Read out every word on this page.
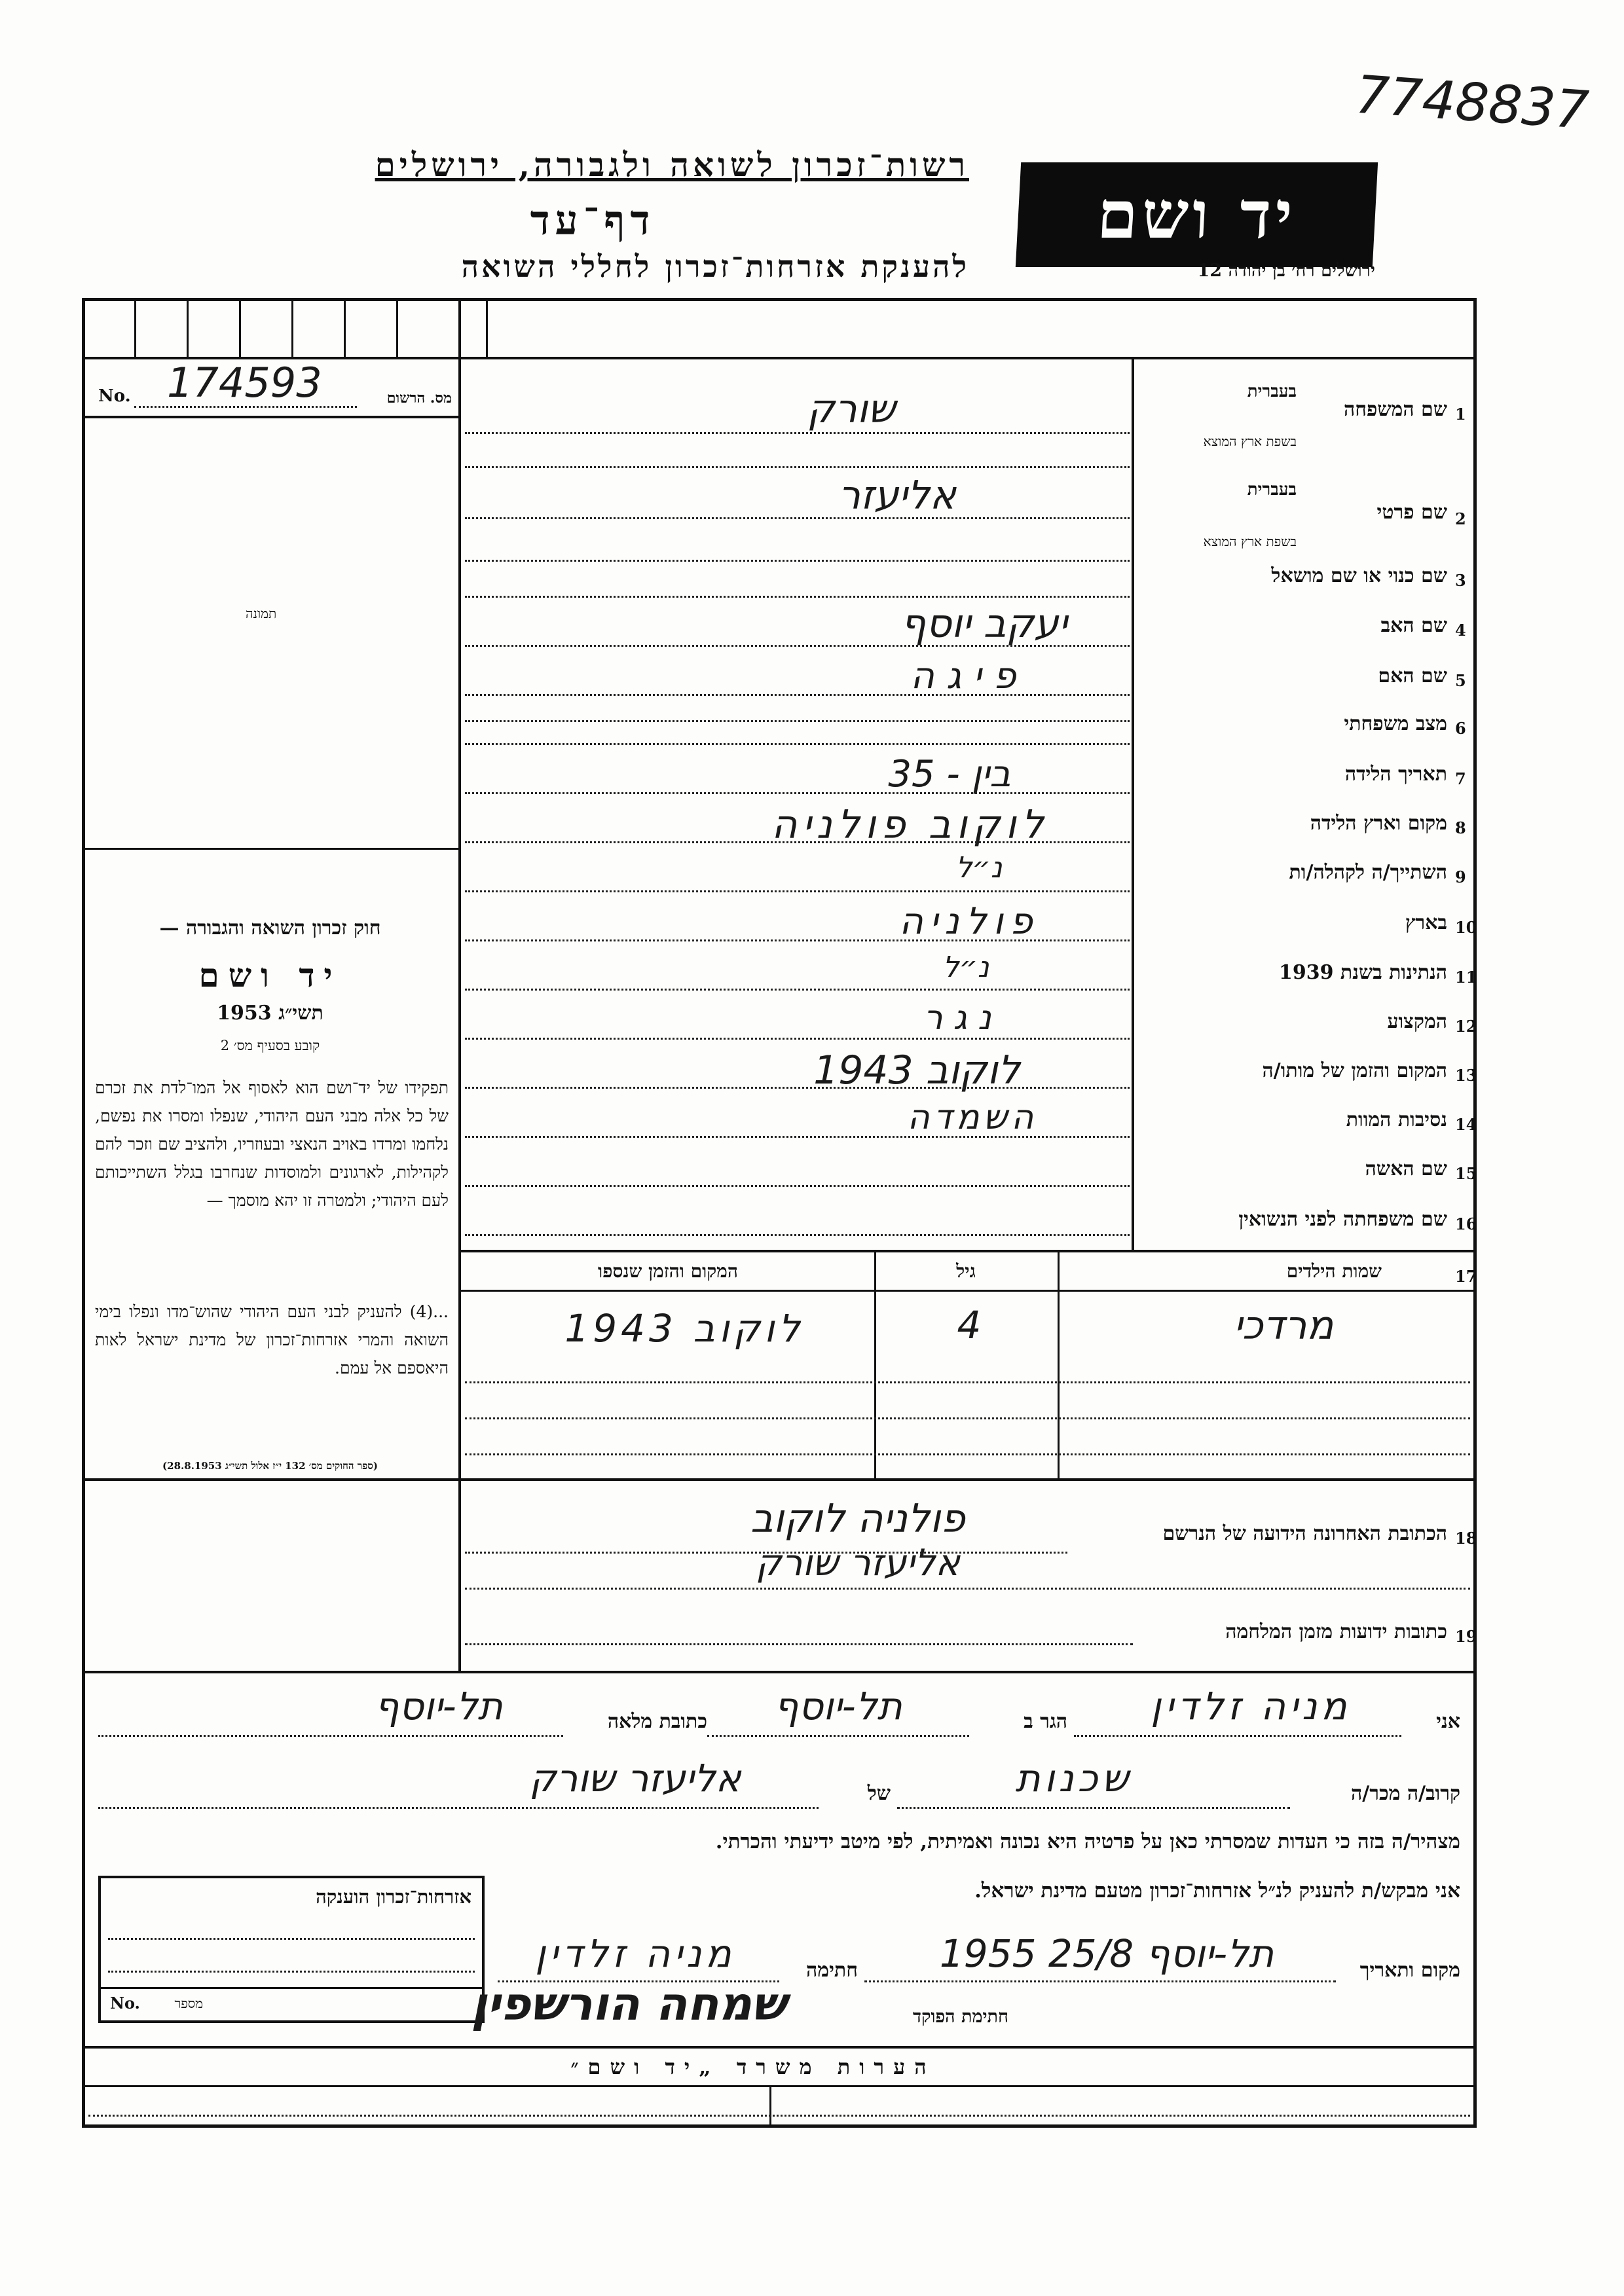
7748837
רשות־זכרון לשואה ולגבורה, ירושלים
דף־עד
להענקת אזרחות־זכרון לחללי השואה
יד ושם
ירושלים רח׳ בן יהודה 12
No. 174593	מס. הרשום
תמונה
חוק זכרון השואה והגבורה —
יד ושם
תשי״ג 1953
קובע בסעיף מס׳ 2
תפקידו של יד־ושם הוא לאסוף אל המו־לדת את זכרם של כל אלה מבני העם היהודי, שנפלו ומסרו את נפשם, נלחמו ומרדו באויב הנאצי ובעוזריו, ולהציב שם וזכר להם לקהילות, לארגונים ולמוסדות שנחרבו בגלל השתייכותם לעם היהודי; ולמטרה זו יהא מוסמך —
...(4) להעניק לבני העם היהודי שהוש־מדו ונפלו בימי השואה והמרי אזרחות־זכרון של מדינת ישראל לאות היאספם אל עמם.
(ספר החוקים מס׳ 132 י״ז אלול תשי״ג 28.8.1953)
1
שם המשפחה
בעברית
בשפת ארץ המוצא
שורק
2
שם פרטי
בעברית
בשפת ארץ המוצא
אליעזר
3
שם כנוי או שם מושאל
4
שם האב
יעקב יוסף
5
שם האם
פיגה
6
מצב משפחתי
7
תאריך הלידה
בין - 35
8
מקום וארץ הלידה
לוקוב פולניה
9
השתייך/ה לקהלה/ות
נ״ל
10
בארץ
פולניה
11
הנתינות בשנת 1939
נ״ל
12
המקצוע
נגר
13
המקום והזמן של מותו/ה
לוקוב 1943
14
נסיבות המוות
השמדה
15
שם האשה
16
שם משפחתה לפני הנשואין
17
שמות הילדים
גיל
המקום והזמן שנספו
מרדכי
4
לוקוב 1943
18
הכתובת האחרונה הידועה של הנרשם
פולניה לוקוב
אליעזר שורק
19
כתובות ידועות מזמן המלחמה
אני
מניה זלדין
הגר ב
תל-יוסף
כתובת מלאה
תל-יוסף
קרוב/ה מכר/ה
שכנות
של
אליעזר שורק
מצהיר/ה בזה כי העדות שמסרתי כאן על פרטיה היא נכונה ואמיתית, לפי מיטב ידיעתי והכרתי.
אני מבקש/ת להעניק לנ״ל אזרחות־זכרון מטעם מדינת ישראל.
אזרחות־זכרון הוענקה
מספר
No.
מקום ותאריך
תל-יוסף 25/8 1955
חתימה
מניה זלדין
חתימת הפוקד
שמחה הורשפין
הערות משרד „יד ושם״
